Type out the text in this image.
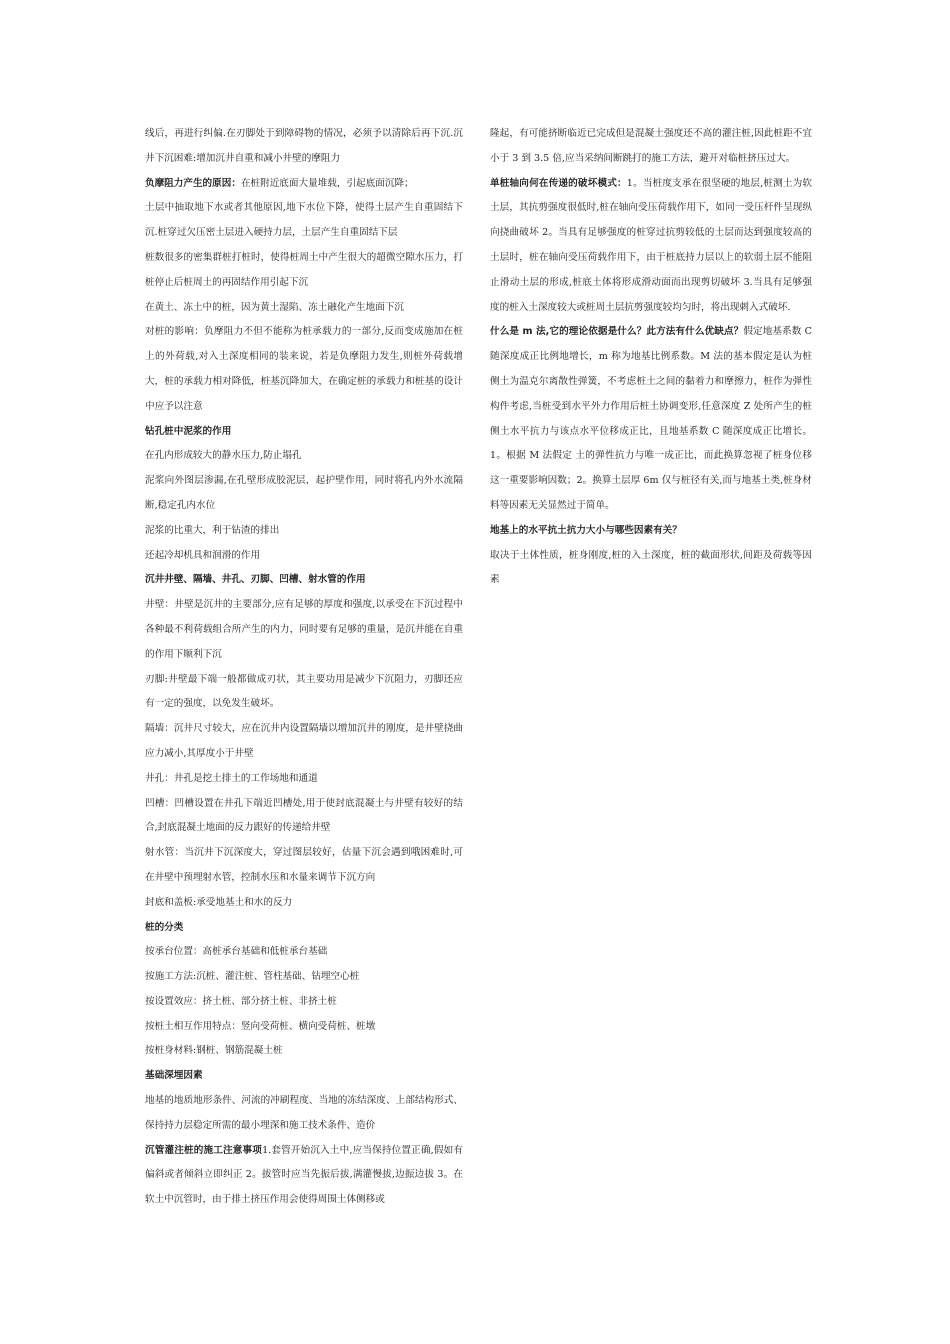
线后，再进行纠偏.在刃脚处于到障碍物的情况，必须予以清除后再下沉.沉井下沉困难:增加沉井自重和减小井壁的摩阻力

负摩阻力产生的原因：在桩附近底面大量堆载，引起底面沉降；

土层中抽取地下水或者其他原因,地下水位下降，使得土层产生自重固结下沉.桩穿过欠压密土层进入硬持力层，土层产生自重固结下层

桩数很多的密集群桩打桩时，使得桩周土中产生很大的超微空隙水压力，打桩停止后桩周土的再固结作用引起下沉

在黄土、冻土中的桩，因为黄土湿陷、冻土融化产生地面下沉

对桩的影响：负摩阻力不但不能称为桩承载力的一部分,反而变成施加在桩上的外荷载,对入土深度相同的装来说，若是负摩阻力发生,则桩外荷载增大，桩的承载力相对降低，桩基沉降加大，在确定桩的承载力和桩基的设计中应予以注意

钻孔桩中泥浆的作用

在孔内形成较大的静水压力,防止塌孔

泥浆向外图层渗漏,在孔壁形成胶泥层，起护壁作用，同时将孔内外水流隔断,稳定孔内水位

泥浆的比重大，利于钻渣的排出

还起冷却机具和润滑的作用

沉井井壁、隔墙、井孔、刃脚、凹槽、射水管的作用

井壁：井壁是沉井的主要部分,应有足够的厚度和强度,以承受在下沉过程中各种最不利荷载组合所产生的内力，同时要有足够的重量，是沉井能在自重的作用下顺利下沉

刃脚:井壁最下端一般都做成刃状，其主要功用是减少下沉阻力，刃脚还应有一定的强度，以免发生破坏。

隔墙：沉井尺寸较大，应在沉井内设置隔墙以增加沉井的刚度，是井壁挠曲应力减小,其厚度小于井壁

井孔：井孔是挖土排土的工作场地和通道

凹槽：凹槽设置在井孔下端近凹槽处,用于使封底混凝土与井壁有较好的结合,封底混凝土地面的反力跟好的传递给井壁

射水管：当沉井下沉深度大，穿过图层较好，估量下沉会遇到哦困难时,可在井壁中预埋射水管，控制水压和水量来调节下沉方向

封底和盖板:承受地基土和水的反力

桩的分类

按承台位置：高桩承台基础和低桩承台基础

按施工方法:沉桩、灌注桩、管柱基础、钻埋空心桩

按设置效应：挤土桩、部分挤土桩、非挤土桩

按桩土相互作用特点：竖向受荷桩、横向受荷桩、桩墩

按桩身材料:钢桩、钢筋混凝土桩

基础深埋因素

地基的地质地形条件、河流的冲刷程度、当地的冻结深度、上部结构形式、保持持力层稳定所需的最小埋深和施工技术条件、造价

沉管灌注桩的施工注意事项1.套管开始沉入土中,应当保持位置正确,假如有偏斜或者倾斜立即纠正 2。拔管时应当先振后拔,满灌慢拔,边振边拔 3。在软土中沉管时，由于排土挤压作用会使得周围土体侧移或

隆起，有可能挤断临近已完成但是混凝土强度还不高的灌注桩,因此桩距不宜小于 3 到 3.5 倍,应当采纳间断跳打的施工方法，避开对临桩挤压过大。

单桩轴向何在传递的破坏模式：1。当桩度支承在很坚硬的地层,桩测土为软土层，其抗剪强度很低时,桩在轴向受压荷载作用下，如同一受压杆件呈现纵向挠曲破坏 2。当具有足够强度的桩穿过抗剪较低的土层而达到强度较高的土层时，桩在轴向受压荷载作用下，由于桩底持力层以上的软弱土层不能阻止滑动土层的形成,桩底土体将形成滑动面而出现剪切破坏 3.当具有足够强度的桩入土深度较大或桩周土层抗剪强度较均匀时，将出现刺入式破坏.

什么是 m 法,它的理论依据是什么？此方法有什么优缺点？假定地基系数 C 随深度成正比例地增长，m 称为地基比例系数。M 法的基本假定是认为桩侧土为温克尔离散性弹簧，不考虑桩土之间的黏着力和摩擦力，桩作为弹性构件考虑,当桩受到水平外力作用后桩土协调变形,任意深度 Z 处所产生的桩侧土水平抗力与该点水平位移成正比，且地基系数 C 随深度成正比增长。1。根据 M 法假定 土的弹性抗力与唯一成正比，而此换算忽视了桩身位移这一重要影响因数；2。换算土层厚 6m 仅与桩径有关,而与地基土类,桩身材料等因素无关显然过于简单。

地基上的水平抗土抗力大小与哪些因素有关？

取决于土体性质，桩身刚度,桩的入土深度，桩的截面形状,间距及荷载等因素
